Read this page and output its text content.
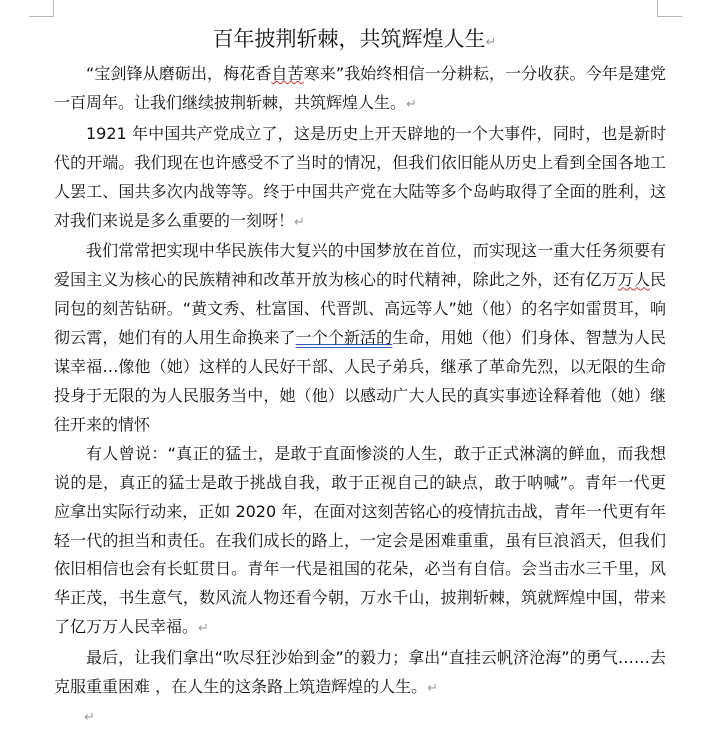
百年披荆斩棘，共筑辉煌人生↵

“宝剑锋从磨砺出，梅花香自苦寒来”我始终相信一分耕耘，一分收获。今年是建党一百周年。让我们继续披荆斩棘，共筑辉煌人生。↵

1921 年中国共产党成立了，这是历史上开天辟地的一个大事件，同时，也是新时代的开端。我们现在也许感受不了当时的情况，但我们依旧能从历史上看到全国各地工人罢工、国共多次内战等等。终于中国共产党在大陆等多个岛屿取得了全面的胜利，这对我们来说是多么重要的一刻呀！↵

我们常常把实现中华民族伟大复兴的中国梦放在首位，而实现这一重大任务须要有爱国主义为核心的民族精神和改革开放为核心的时代精神，除此之外，还有亿万万人民同包的刻苦钻研。“黄文秀、杜富国、代晋凯、高远等人”她（他）的名字如雷贯耳，响彻云霄，她们有的人用生命换来了一个个新活的生命，用她（他）们身体、智慧为人民谋幸福…像他（她）这样的人民好干部、人民子弟兵，继承了革命先烈，以无限的生命投身于无限的为人民服务当中，她（他）以感动广大人民的真实事迹诠释着他（她）继往开来的情怀

有人曾说：“真正的猛士，是敢于直面惨淡的人生，敢于正式淋漓的鲜血，而我想说的是，真正的猛士是敢于挑战自我，敢于正视自己的缺点，敢于呐喊”。青年一代更应拿出实际行动来，正如 2020 年，在面对这刻苦铭心的疫情抗击战，青年一代更有年轻一代的担当和责任。在我们成长的路上，一定会是困难重重，虽有巨浪滔天，但我们依旧相信也会有长虹贯日。青年一代是祖国的花朵，必当有自信。会当击水三千里，风华正茂，书生意气，数风流人物还看今朝，万水千山，披荆斩棘，筑就辉煌中国，带来了亿万万人民幸福。↵

最后，让我们拿出“吹尽狂沙始到金”的毅力；拿出“直挂云帆济沧海”的勇气……去克服重重困难 ，在人生的这条路上筑造辉煌的人生。↵

↵
